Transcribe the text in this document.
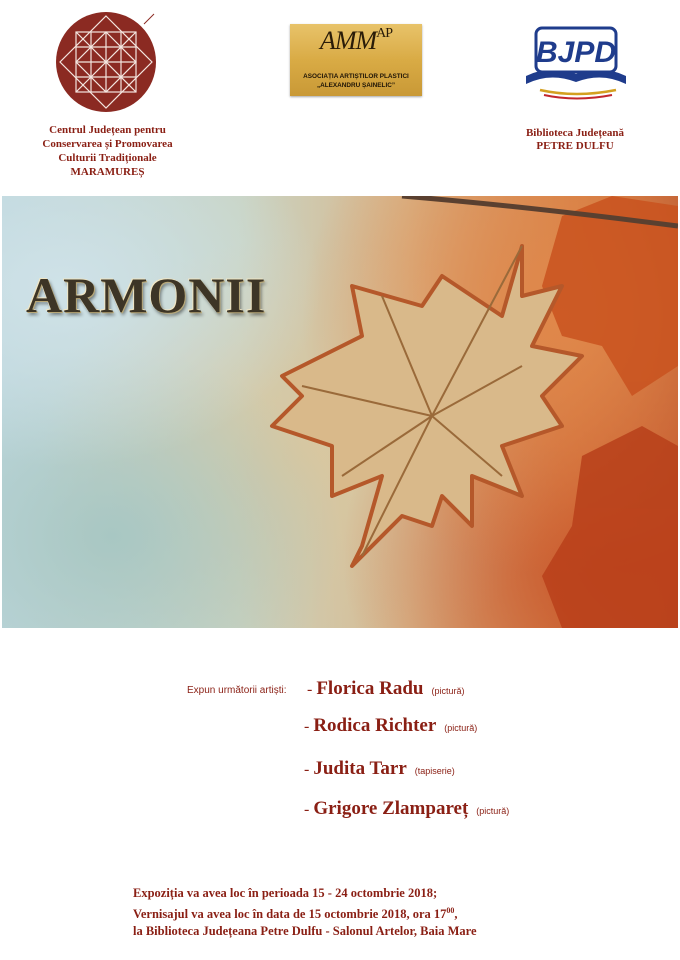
Centrul Județean pentru
Conservarea și Promovarea
Culturii Tradiționale
MARAMUREȘ
$AMM^{AP}$
ASOCIAȚIA ARTIȘTILOR PLASTICI
„ALEXANDRU ȘAINELIC”
BJPD
Biblioteca Județeană
PETRE DULFU
ARMONII
Expun următorii artiști: - Florica Radu (pictură)
- Rodica Richter (pictură)
- Judita Tarr (tapiserie)
- Grigore Zlampareț (pictură)
Expoziția va avea loc în perioada 15 - 24 octombrie 2018;
Vernisajul va avea loc în data de 15 octombrie 2018, ora $17^{00}$,
la Biblioteca Județeana Petre Dulfu - Salonul Artelor, Baia Mare
